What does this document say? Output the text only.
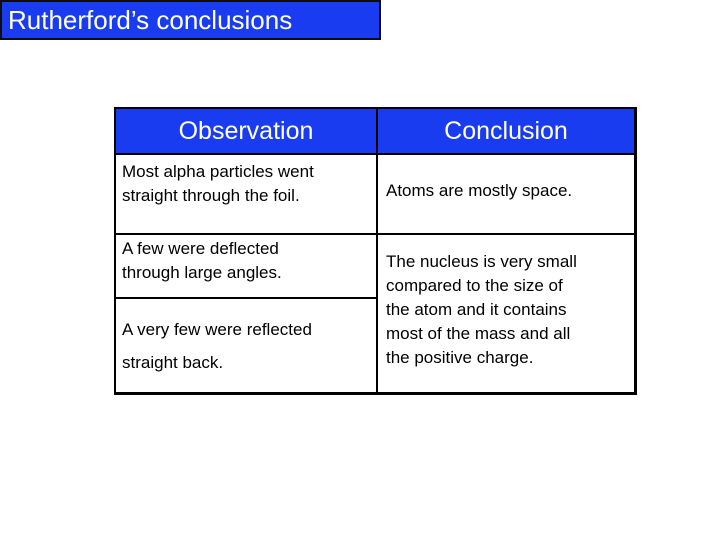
Rutherford’s conclusions
Observation	Conclusion
Most alpha particles went
straight through the foil.	Atoms are mostly space.
A few were deflected
through large angles.
The nucleus is very small
compared to the size of
the atom and it contains
most of the mass and all
the positive charge.
A very few were reflected
straight back.
